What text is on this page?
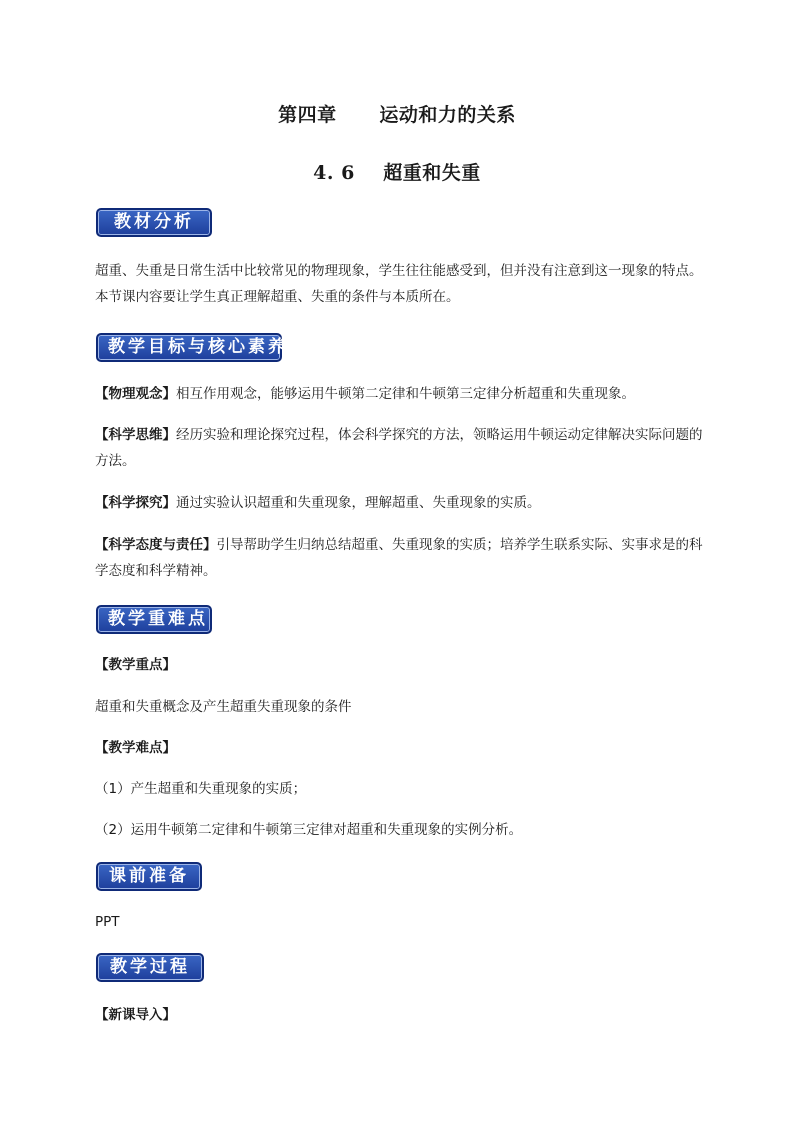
第四章      运动和力的关系
4. 6    超重和失重
教材分析
超重、失重是日常生活中比较常见的物理现象，学生往往能感受到，但并没有注意到这一现象的特点。本节课内容要让学生真正理解超重、失重的条件与本质所在。
教学目标与核心素养
【物理观念】相互作用观念，能够运用牛顿第二定律和牛顿第三定律分析超重和失重现象。
【科学思维】经历实验和理论探究过程，体会科学探究的方法，领略运用牛顿运动定律解决实际问题的方法。
【科学探究】通过实验认识超重和失重现象，理解超重、失重现象的实质。
【科学态度与责任】引导帮助学生归纳总结超重、失重现象的实质；培养学生联系实际、实事求是的科学态度和科学精神。
教学重难点
【教学重点】
超重和失重概念及产生超重失重现象的条件
【教学难点】
（1）产生超重和失重现象的实质；
（2）运用牛顿第二定律和牛顿第三定律对超重和失重现象的实例分析。
课前准备
PPT
教学过程
【新课导入】
